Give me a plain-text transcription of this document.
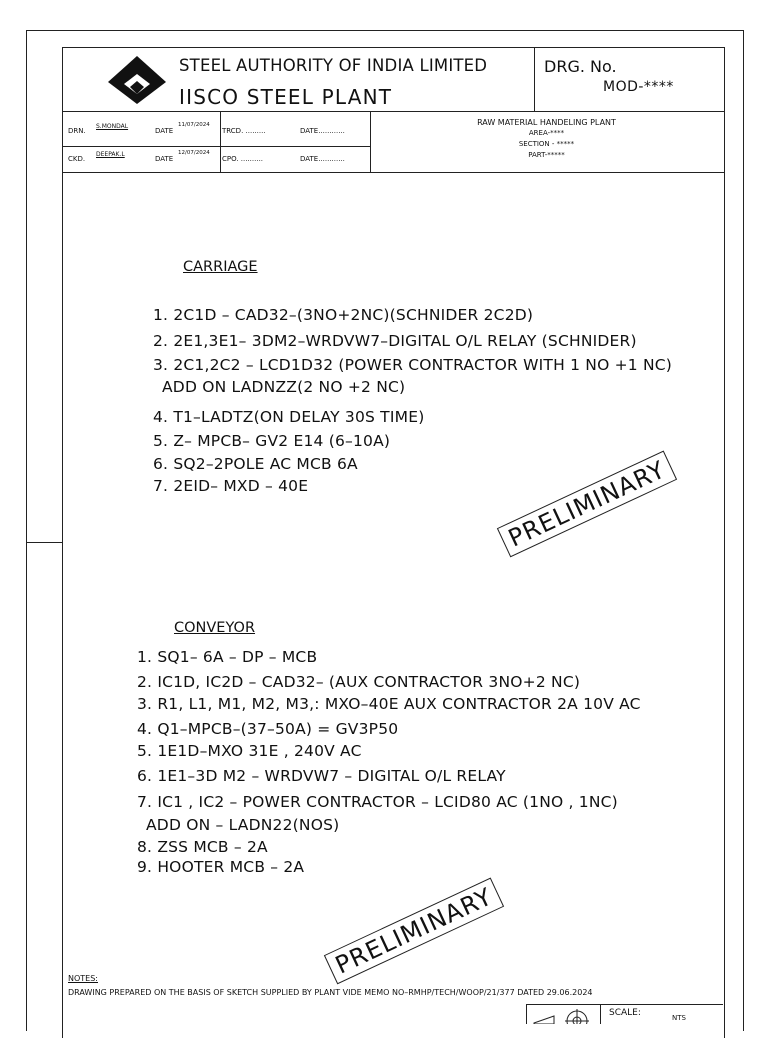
STEEL AUTHORITY OF INDIA LIMITED
IISCO STEEL PLANT
DRG. No.
MOD-****
DRN.
S.MONDAL
DATE
11/07/2024
TRCD. .........	DATE............
CKD.
DEEPAK.L
DATE
12/07/2024
CPO. ..........	DATE............
RAW MATERIAL HANDELING PLANT
AREA-****
SECTION - *****
PART-*****
CARRIAGE
1. 2C1D – CAD32–(3NO+2NC)(SCHNIDER 2C2D)
2. 2E1,3E1– 3DM2–WRDVW7–DIGITAL O/L RELAY (SCHNIDER)
3. 2C1,2C2 – LCD1D32 (POWER CONTRACTOR WITH 1 NO +1 NC)
ADD ON LADNZZ(2 NO +2 NC)
4. T1–LADTZ(ON DELAY 30S TIME)
5. Z– MPCB– GV2 E14 (6–10A)
6. SQ2–2POLE AC MCB 6A
7. 2EID– MXD – 40E	PRELIMINARY
CONVEYOR
1. SQ1– 6A – DP – MCB
2. IC1D, IC2D – CAD32– (AUX CONTRACTOR 3NO+2 NC)
3. R1, L1, M1, M2, M3,: MXO–40E AUX CONTRACTOR 2A 10V AC
4. Q1–MPCB–(37–50A) = GV3P50
5. 1E1D–MXO 31E , 240V AC
6. 1E1–3D M2 – WRDVW7 – DIGITAL O/L RELAY
7. IC1 , IC2 – POWER CONTRACTOR – LCID80 AC (1NO , 1NC)
ADD ON – LADN22(NOS)
8. ZSS MCB – 2A
9. HOOTER MCB – 2A
PRELIMINARY
NOTES:
DRAWING PREPARED ON THE BASIS OF SKETCH SUPPLIED BY PLANT VIDE MEMO NO–RMHP/TECH/WOOP/21/377 DATED 29.06.2024
SCALE:	NTS
